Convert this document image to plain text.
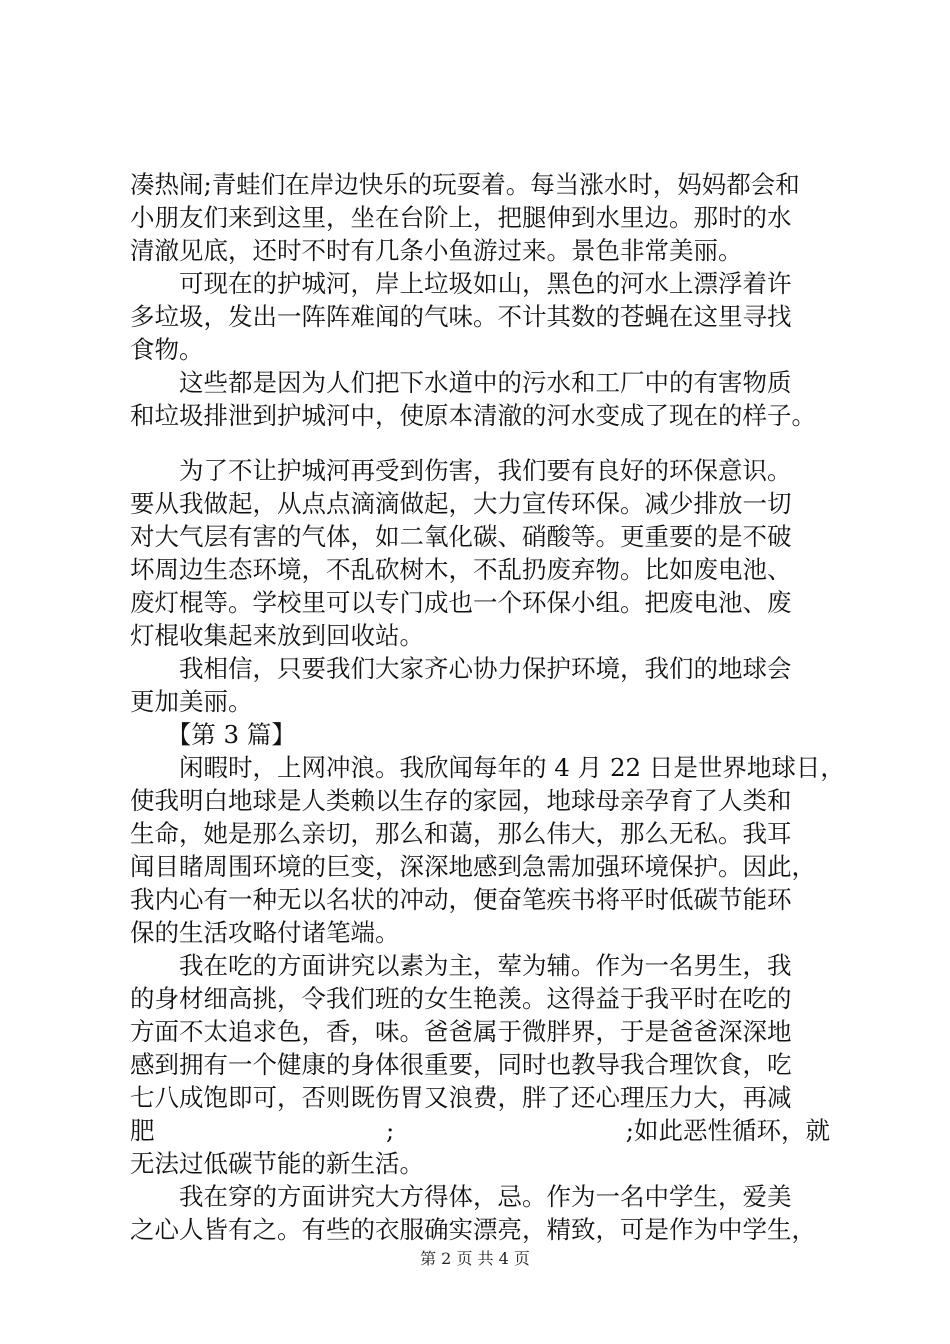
凑热闹;青蛙们在岸边快乐的玩耍着。每当涨水时，妈妈都会和
小朋友们来到这里，坐在台阶上，把腿伸到水里边。那时的水
清澈见底，还时不时有几条小鱼游过来。景色非常美丽。
　　可现在的护城河，岸上垃圾如山，黑色的河水上漂浮着许
多垃圾，发出一阵阵难闻的气味。不计其数的苍蝇在这里寻找
食物。
　　这些都是因为人们把下水道中的污水和工厂中的有害物质
和垃圾排泄到护城河中，使原本清澈的河水变成了现在的样子。
　　为了不让护城河再受到伤害，我们要有良好的环保意识。
要从我做起，从点点滴滴做起，大力宣传环保。减少排放一切
对大气层有害的气体，如二氧化碳、硝酸等。更重要的是不破
坏周边生态环境，不乱砍树木，不乱扔废弃物。比如废电池、
废灯棍等。学校里可以专门成也一个环保小组。把废电池、废
灯棍收集起来放到回收站。
　　我相信，只要我们大家齐心协力保护环境，我们的地球会
更加美丽。
　　【第 3 篇】
　　闲暇时，上网冲浪。我欣闻每年的 4 月 22 日是世界地球日，
使我明白地球是人类赖以生存的家园，地球母亲孕育了人类和
生命，她是那么亲切，那么和蔼，那么伟大，那么无私。我耳
闻目睹周围环境的巨变，深深地感到急需加强环境保护。因此，
我内心有一种无以名状的冲动，便奋笔疾书将平时低碳节能环
保的生活攻略付诸笔端。
　　我在吃的方面讲究以素为主，荤为辅。作为一名男生，我
的身材细高挑，令我们班的女生艳羡。这得益于我平时在吃的
方面不太追求色，香，味。爸爸属于微胖界，于是爸爸深深地
感到拥有一个健康的身体很重要，同时也教导我合理饮食，吃
七八成饱即可，否则既伤胃又浪费，胖了还心理压力大，再减
肥	;	;如此恶性循环，就
无法过低碳节能的新生活。
　　我在穿的方面讲究大方得体，忌。作为一名中学生，爱美
之心人皆有之。有些的衣服确实漂亮，精致，可是作为中学生，
第 2 页 共 4 页
